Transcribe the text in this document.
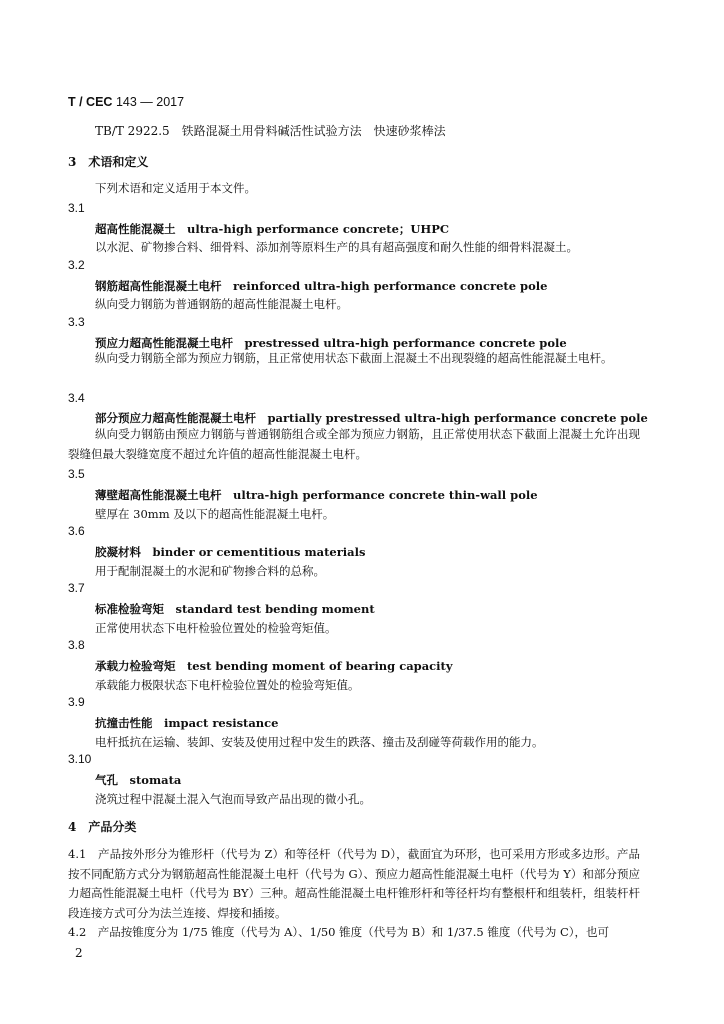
T / CEC 143 — 2017
TB/T 2922.5　铁路混凝土用骨料碱活性试验方法　快速砂浆棒法
3　术语和定义
下列术语和定义适用于本文件。
3.1
超高性能混凝土　ultra-high performance concrete；UHPC
以水泥、矿物掺合料、细骨料、添加剂等原料生产的具有超高强度和耐久性能的细骨料混凝土。
3.2
钢筋超高性能混凝土电杆　reinforced ultra-high performance concrete pole
纵向受力钢筋为普通钢筋的超高性能混凝土电杆。
3.3
预应力超高性能混凝土电杆　prestressed ultra-high performance concrete pole
纵向受力钢筋全部为预应力钢筋，且正常使用状态下截面上混凝土不出现裂缝的超高性能混凝土电杆。
3.4
部分预应力超高性能混凝土电杆　partially prestressed ultra-high performance concrete pole
纵向受力钢筋由预应力钢筋与普通钢筋组合或全部为预应力钢筋，且正常使用状态下截面上混凝土允许出现裂缝但最大裂缝宽度不超过允许值的超高性能混凝土电杆。
3.5
薄壁超高性能混凝土电杆　ultra-high performance concrete thin-wall pole
壁厚在 30mm 及以下的超高性能混凝土电杆。
3.6
胶凝材料　binder or cementitious materials
用于配制混凝土的水泥和矿物掺合料的总称。
3.7
标准检验弯矩　standard test bending moment
正常使用状态下电杆检验位置处的检验弯矩值。
3.8
承载力检验弯矩　test bending moment of bearing capacity
承载能力极限状态下电杆检验位置处的检验弯矩值。
3.9
抗撞击性能　impact resistance
电杆抵抗在运输、装卸、安装及使用过程中发生的跌落、撞击及刮碰等荷载作用的能力。
3.10
气孔　stomata
浇筑过程中混凝土混入气泡而导致产品出现的微小孔。
4　产品分类
4.1　产品按外形分为锥形杆（代号为 Z）和等径杆（代号为 D），截面宜为环形，也可采用方形或多边形。产品按不同配筋方式分为钢筋超高性能混凝土电杆（代号为 G）、预应力超高性能混凝土电杆（代号为 Y）和部分预应力超高性能混凝土电杆（代号为 BY）三种。超高性能混凝土电杆锥形杆和等径杆均有整根杆和组装杆，组装杆杆段连接方式可分为法兰连接、焊接和插接。
4.2　产品按锥度分为 1/75 锥度（代号为 A）、1/50 锥度（代号为 B）和 1/37.5 锥度（代号为 C），也可
2
